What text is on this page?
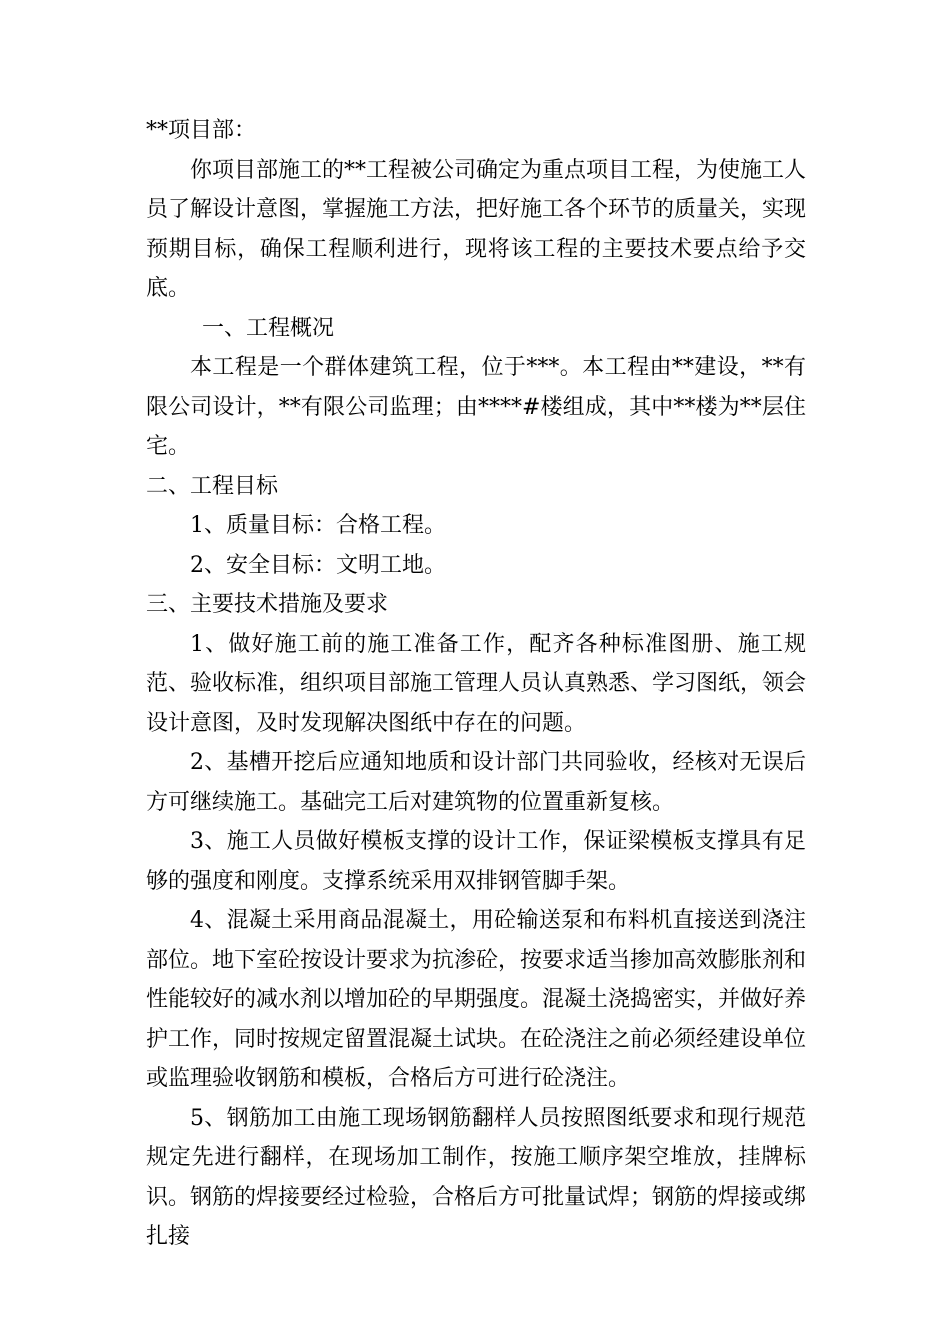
**项目部：

你项目部施工的**工程被公司确定为重点项目工程，为使施工人员了解设计意图，掌握施工方法，把好施工各个环节的质量关，实现预期目标，确保工程顺利进行，现将该工程的主要技术要点给予交底。

一、工程概况

本工程是一个群体建筑工程，位于***。本工程由**建设，**有限公司设计，**有限公司监理；由****#楼组成，其中**楼为**层住宅。

二、工程目标

1、质量目标：合格工程。

2、安全目标：文明工地。

三、主要技术措施及要求

1、做好施工前的施工准备工作，配齐各种标准图册、施工规范、验收标准，组织项目部施工管理人员认真熟悉、学习图纸，领会设计意图，及时发现解决图纸中存在的问题。

2、基槽开挖后应通知地质和设计部门共同验收，经核对无误后方可继续施工。基础完工后对建筑物的位置重新复核。

3、施工人员做好模板支撑的设计工作，保证梁模板支撑具有足够的强度和刚度。支撑系统采用双排钢管脚手架。

4、混凝土采用商品混凝土，用砼输送泵和布料机直接送到浇注部位。地下室砼按设计要求为抗渗砼，按要求适当掺加高效膨胀剂和性能较好的减水剂以增加砼的早期强度。混凝土浇捣密实，并做好养护工作，同时按规定留置混凝土试块。在砼浇注之前必须经建设单位或监理验收钢筋和模板，合格后方可进行砼浇注。

5、钢筋加工由施工现场钢筋翻样人员按照图纸要求和现行规范规定先进行翻样，在现场加工制作，按施工顺序架空堆放，挂牌标识。钢筋的焊接要经过检验，合格后方可批量试焊；钢筋的焊接或绑扎接
